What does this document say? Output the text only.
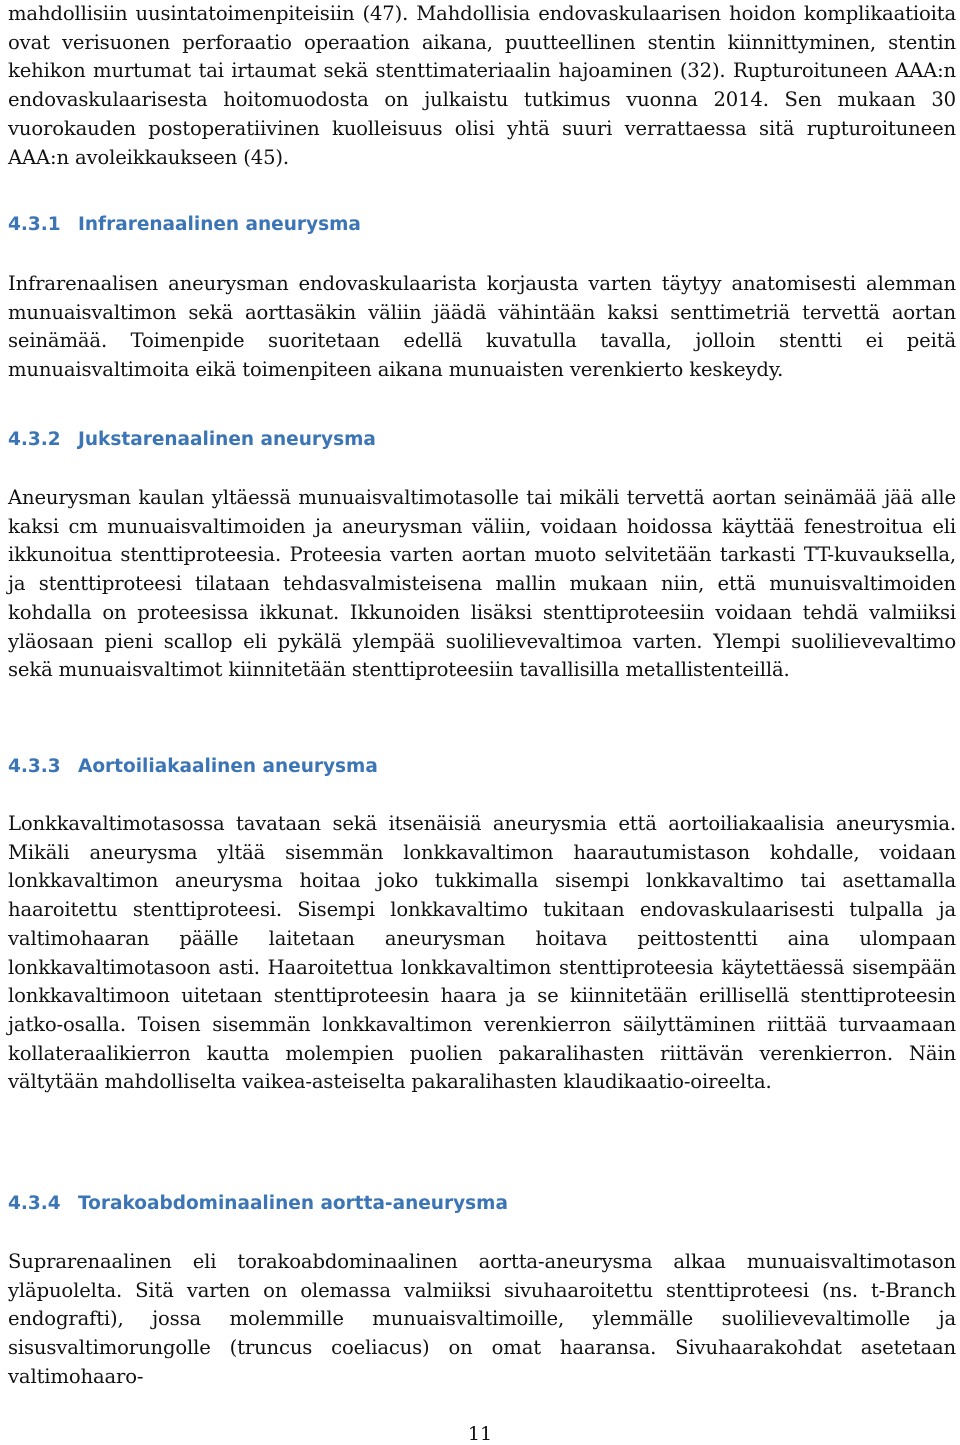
mahdollisiin uusintatoimenpiteisiin (47). Mahdollisia endovaskulaarisen hoidon komplikaatioita ovat verisuonen perforaatio operaation aikana, puutteellinen stentin kiinnittyminen, stentin kehikon murtumat tai irtaumat sekä stenttimateriaalin hajoaminen (32). Rupturoituneen AAA:n endovaskulaarisesta hoitomuodosta on julkaistu tutkimus vuonna 2014. Sen mukaan 30 vuorokauden postoperatiivinen kuolleisuus olisi yhtä suuri verrattaessa sitä rupturoituneen AAA:n avoleikkaukseen (45).

4.3.1 Infrarenaalinen aneurysma

Infrarenaalisen aneurysman endovaskulaarista korjausta varten täytyy anatomisesti alemman munuaisvaltimon sekä aorttasäkin väliin jäädä vähintään kaksi senttimetriä tervettä aortan seinämää. Toimenpide suoritetaan edellä kuvatulla tavalla, jolloin stentti ei peitä munuaisvaltimoita eikä toimenpiteen aikana munuaisten verenkierto keskeydy.

4.3.2 Jukstarenaalinen aneurysma

Aneurysman kaulan yltäessä munuaisvaltimotasolle tai mikäli tervettä aortan seinämää jää alle kaksi cm munuaisvaltimoiden ja aneurysman väliin, voidaan hoidossa käyttää fenestroitua eli ikkunoitua stenttiproteesia. Proteesia varten aortan muoto selvitetään tarkasti TT-kuvauksella, ja stenttiproteesi tilataan tehdasvalmisteisena mallin mukaan niin, että munuisvaltimoiden kohdalla on proteesissa ikkunat. Ikkunoiden lisäksi stenttiproteesiin voidaan tehdä valmiiksi yläosaan pieni scallop eli pykälä ylempää suolilievevaltimoa varten. Ylempi suolilievevaltimo sekä munuaisvaltimot kiinnitetään stenttiproteesiin tavallisilla metallistenteillä.

4.3.3 Aortoiliakaalinen aneurysma

Lonkkavaltimotasossa tavataan sekä itsenäisiä aneurysmia että aortoiliakaalisia aneurysmia. Mikäli aneurysma yltää sisemmän lonkkavaltimon haarautumistason kohdalle, voidaan lonkkavaltimon aneurysma hoitaa joko tukkimalla sisempi lonkkavaltimo tai asettamalla haaroitettu stenttiproteesi. Sisempi lonkkavaltimo tukitaan endovaskulaarisesti tulpalla ja valtimohaaran päälle laitetaan aneurysman hoitava peittostentti aina ulompaan lonkkavaltimotasoon asti. Haaroitettua lonkkavaltimon stenttiproteesia käytettäessä sisempään lonkkavaltimoon uitetaan stenttiproteesin haara ja se kiinnitetään erillisellä stenttiproteesin jatko-osalla. Toisen sisemmän lonkkavaltimon verenkierron säilyttäminen riittää turvaamaan kollateraalikierron kautta molempien puolien pakaralihasten riittävän verenkierron. Näin vältytään mahdolliselta vaikea-asteiselta pakaralihasten klaudikaatio-oireelta.

4.3.4 Torakoabdominaalinen aortta-aneurysma

Suprarenaalinen eli torakoabdominaalinen aortta-aneurysma alkaa munuaisvaltimotason yläpuolelta. Sitä varten on olemassa valmiiksi sivuhaaroitettu stenttiproteesi (ns. t-Branch endografti), jossa molemmille munuaisvaltimoille, ylemmälle suolilievevaltimolle ja sisusvaltimorungolle (truncus coeliacus) on omat haaransa. Sivuhaarakohdat asetetaan valtimohaaro-

11
